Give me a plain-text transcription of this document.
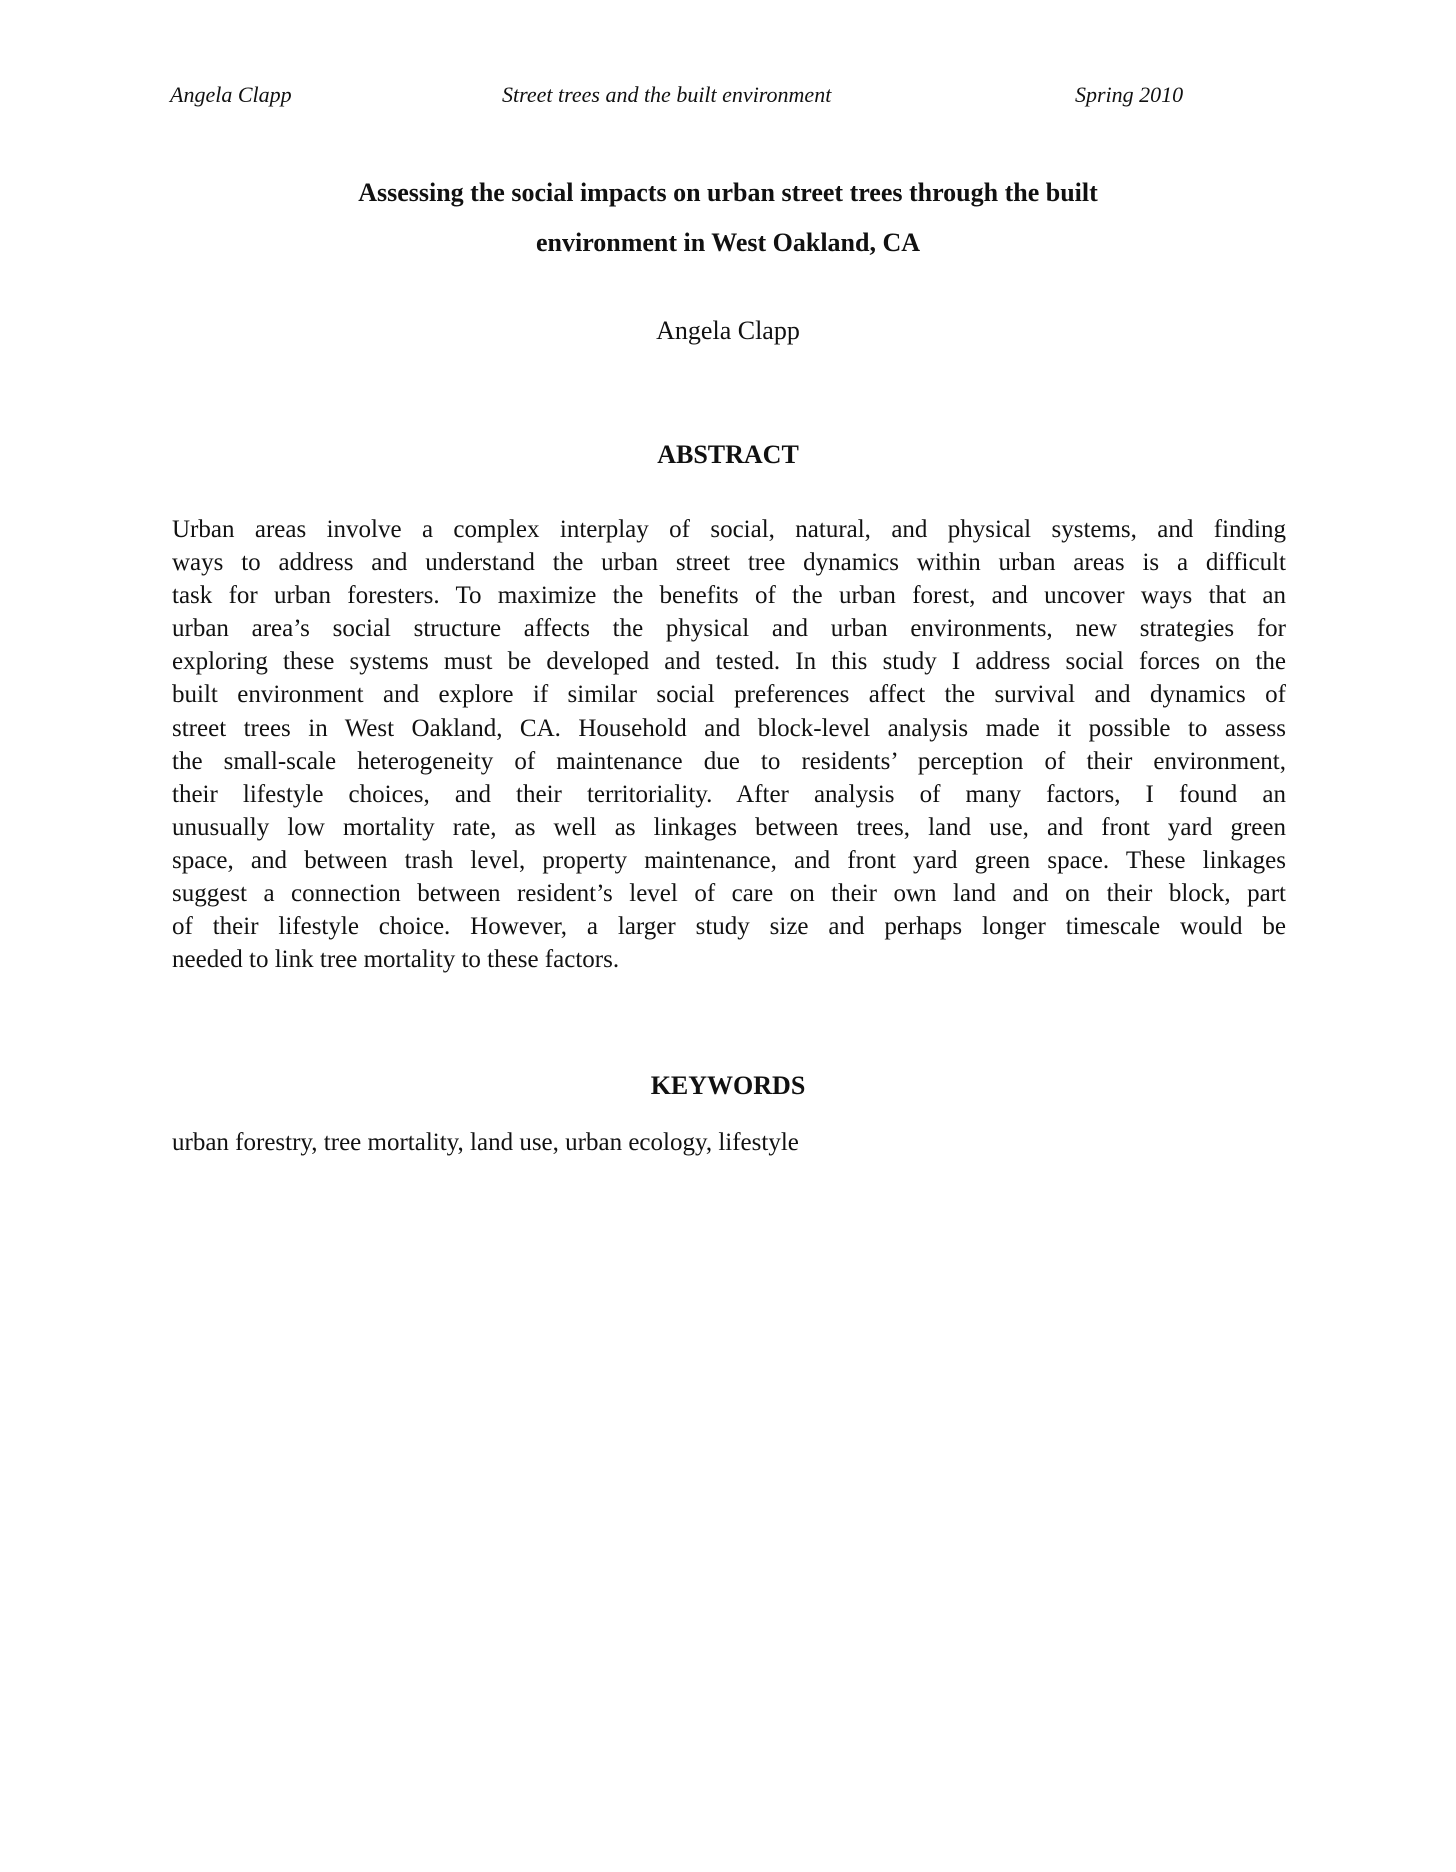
Angela Clapp	Street trees and the built environment	Spring 2010
Assessing the social impacts on urban street trees through the built
environment in West Oakland, CA
Angela Clapp
ABSTRACT
Urban areas involve a complex interplay of social, natural, and physical systems, and finding
ways to address and understand the urban street tree dynamics within urban areas is a difficult
task for urban foresters. To maximize the benefits of the urban forest, and uncover ways that an
urban area’s social structure affects the physical and urban environments, new strategies for
exploring these systems must be developed and tested. In this study I address social forces on the
built environment and explore if similar social preferences affect the survival and dynamics of
street trees in West Oakland, CA. Household and block-level analysis made it possible to assess
the small-scale heterogeneity of maintenance due to residents’ perception of their environment,
their lifestyle choices, and their territoriality. After analysis of many factors, I found an
unusually low mortality rate, as well as linkages between trees, land use, and front yard green
space, and between trash level, property maintenance, and front yard green space. These linkages
suggest a connection between resident’s level of care on their own land and on their block, part
of their lifestyle choice. However, a larger study size and perhaps longer timescale would be
needed to link tree mortality to these factors.
KEYWORDS
urban forestry, tree mortality, land use, urban ecology, lifestyle
